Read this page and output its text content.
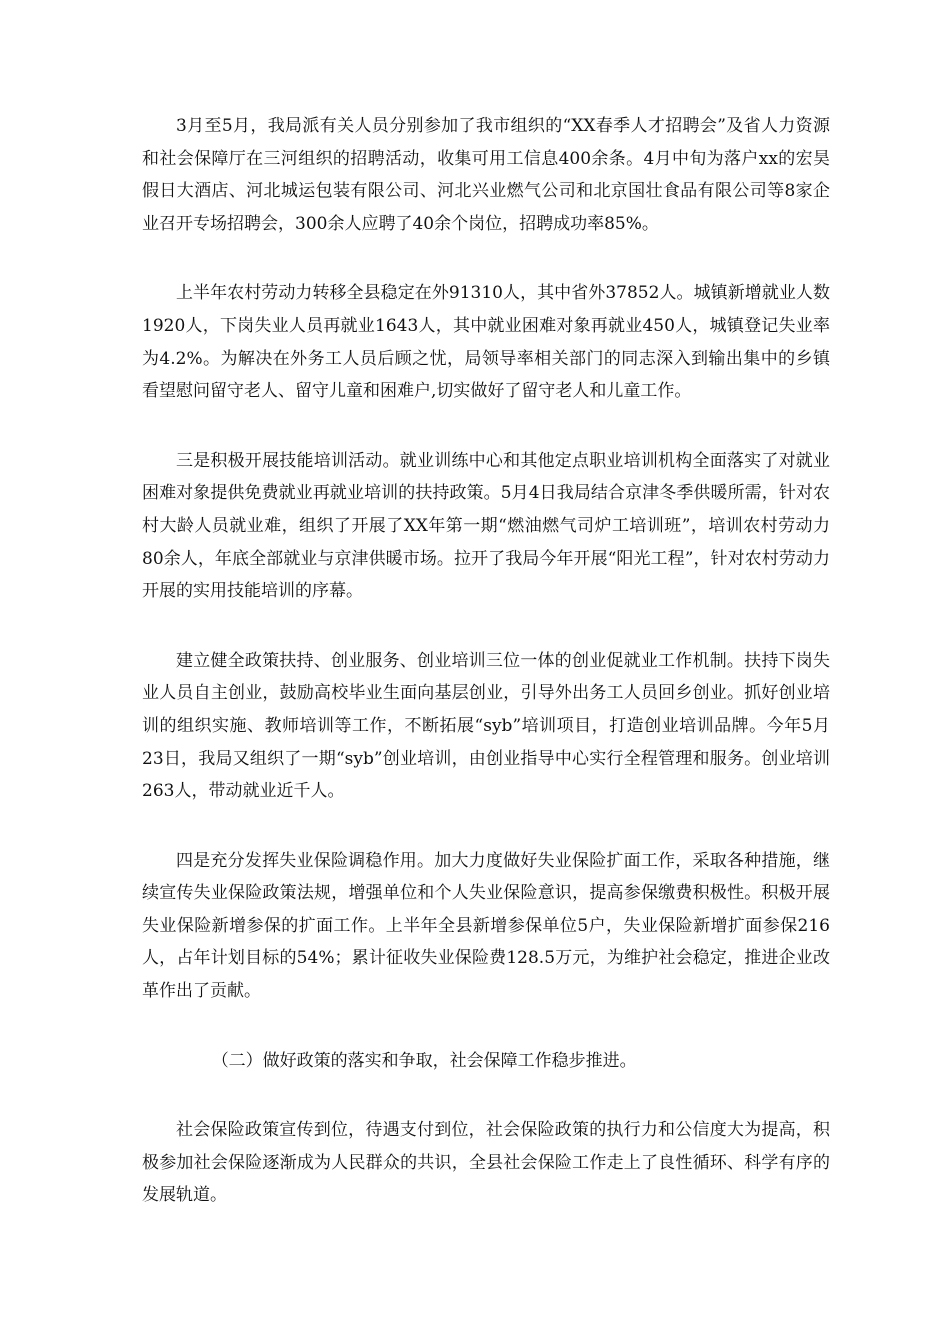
3月至5月，我局派有关人员分别参加了我市组织的“XX春季人才招聘会”及省人力资源和社会保障厅在三河组织的招聘活动，收集可用工信息400余条。4月中旬为落户xx的宏昊假日大酒店、河北城运包装有限公司、河北兴业燃气公司和北京国壮食品有限公司等8家企业召开专场招聘会，300余人应聘了40余个岗位，招聘成功率85%。

上半年农村劳动力转移全县稳定在外91310人，其中省外37852人。城镇新增就业人数1920人，下岗失业人员再就业1643人，其中就业困难对象再就业450人，城镇登记失业率为4.2%。为解决在外务工人员后顾之忧，局领导率相关部门的同志深入到输出集中的乡镇看望慰问留守老人、留守儿童和困难户,切实做好了留守老人和儿童工作。

三是积极开展技能培训活动。就业训练中心和其他定点职业培训机构全面落实了对就业困难对象提供免费就业再就业培训的扶持政策。5月4日我局结合京津冬季供暖所需，针对农村大龄人员就业难，组织了开展了XX年第一期“燃油燃气司炉工培训班”，培训农村劳动力80余人，年底全部就业与京津供暖市场。拉开了我局今年开展“阳光工程”，针对农村劳动力开展的实用技能培训的序幕。

建立健全政策扶持、创业服务、创业培训三位一体的创业促就业工作机制。扶持下岗失业人员自主创业，鼓励高校毕业生面向基层创业，引导外出务工人员回乡创业。抓好创业培训的组织实施、教师培训等工作，不断拓展“syb”培训项目，打造创业培训品牌。今年5月23日，我局又组织了一期“syb”创业培训，由创业指导中心实行全程管理和服务。创业培训263人，带动就业近千人。

四是充分发挥失业保险调稳作用。加大力度做好失业保险扩面工作，采取各种措施，继续宣传失业保险政策法规，增强单位和个人失业保险意识，提高参保缴费积极性。积极开展失业保险新增参保的扩面工作。上半年全县新增参保单位5户，失业保险新增扩面参保216人，占年计划目标的54%；累计征收失业保险费128.5万元，为维护社会稳定，推进企业改革作出了贡献。

（二）做好政策的落实和争取，社会保障工作稳步推进。

社会保险政策宣传到位，待遇支付到位，社会保险政策的执行力和公信度大为提高，积极参加社会保险逐渐成为人民群众的共识，全县社会保险工作走上了良性循环、科学有序的发展轨道。
